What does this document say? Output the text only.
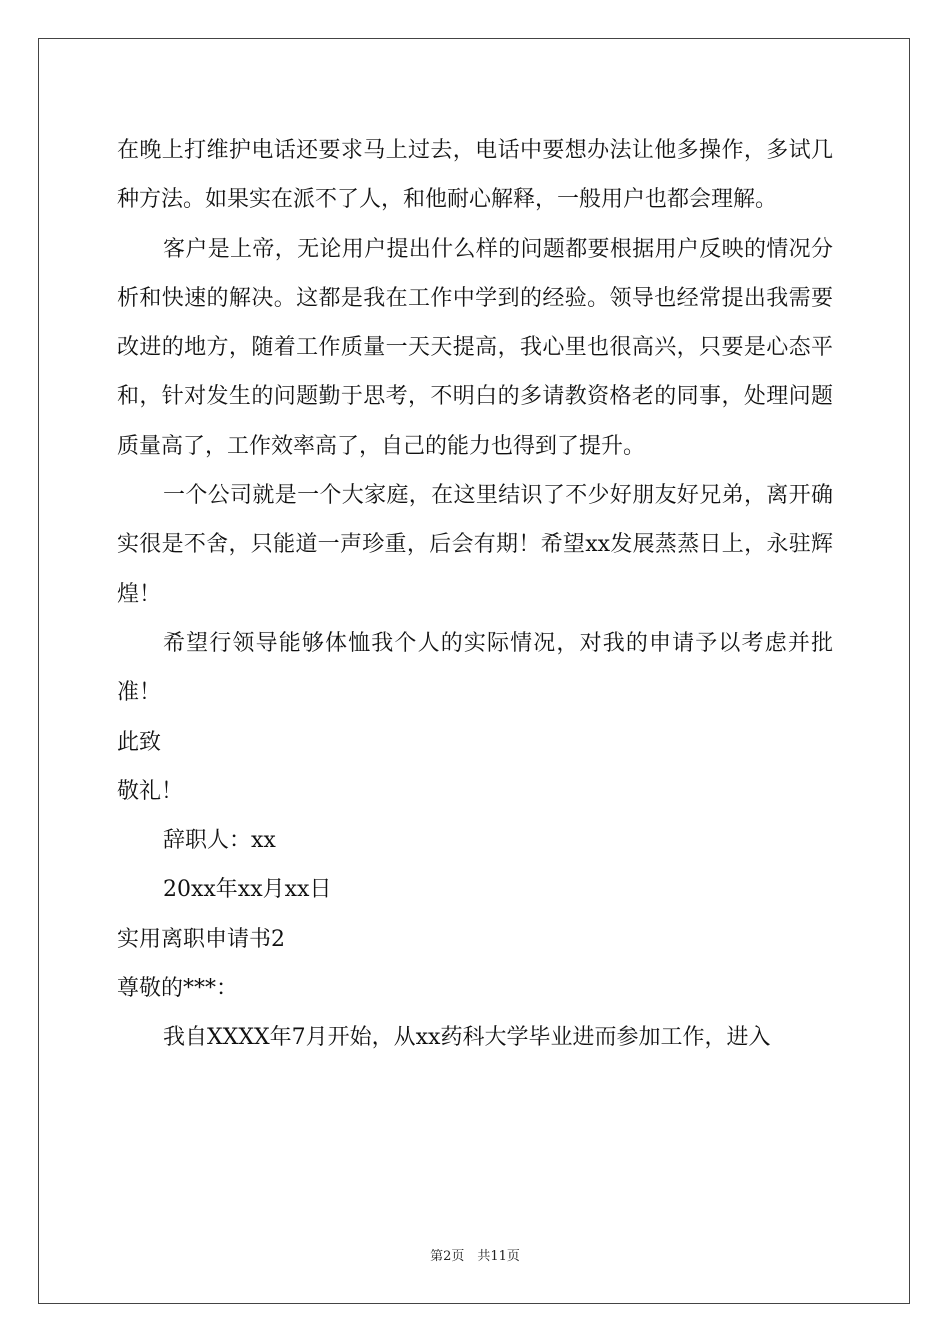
在晚上打维护电话还要求马上过去，电话中要想办法让他多操作，多试几种方法。如果实在派不了人，和他耐心解释，一般用户也都会理解。

客户是上帝，无论用户提出什么样的问题都要根据用户反映的情况分析和快速的解决。这都是我在工作中学到的经验。领导也经常提出我需要改进的地方，随着工作质量一天天提高，我心里也很高兴，只要是心态平和，针对发生的问题勤于思考，不明白的多请教资格老的同事，处理问题质量高了，工作效率高了，自己的能力也得到了提升。

一个公司就是一个大家庭，在这里结识了不少好朋友好兄弟，离开确实很是不舍，只能道一声珍重，后会有期！希望xx发展蒸蒸日上，永驻辉煌！

希望行领导能够体恤我个人的实际情况，对我的申请予以考虑并批准！

此致

敬礼！

辞职人：xx

20xx年xx月xx日

实用离职申请书2

尊敬的***：

我自XXXX年7月开始，从xx药科大学毕业进而参加工作，进入

第2页　共11页
